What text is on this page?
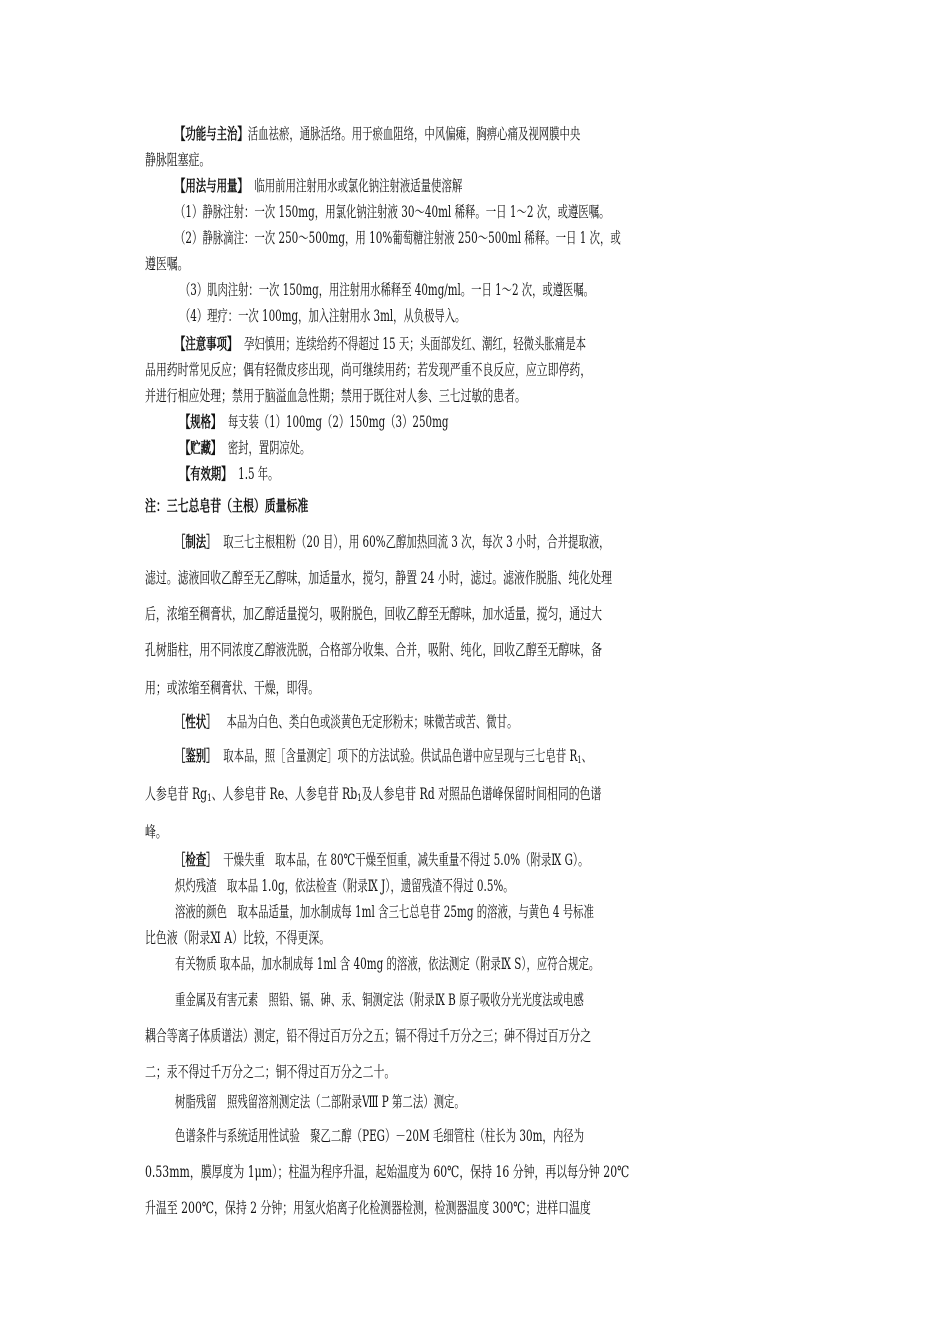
【功能与主治】活血祛瘀，通脉活络。用于瘀血阻络，中风偏瘫，胸痹心痛及视网膜中央
静脉阻塞症。
【用法与用量】 临用前用注射用水或氯化钠注射液适量使溶解
（1）静脉注射：一次 150mg，用氯化钠注射液 30～40ml 稀释。一日 1～2 次，或遵医嘱。
（2）静脉滴注：一次 250～500mg，用 10%葡萄糖注射液 250～500ml 稀释。一日 1 次，或
遵医嘱。
（3）肌肉注射：一次 150mg，用注射用水稀释至 40mg/ml。一日 1～2 次，或遵医嘱。
（4）理疗：一次 100mg，加入注射用水 3ml，从负极导入。
【注意事项】 孕妇慎用；连续给药不得超过 15 天；头面部发红、潮红，轻微头胀痛是本
品用药时常见反应；偶有轻微皮疹出现，尚可继续用药；若发现严重不良反应，应立即停药，
并进行相应处理；禁用于脑溢血急性期；禁用于既往对人参、三七过敏的患者。
【规格】 每支装（1）100mg（2）150mg（3）250mg
【贮藏】 密封，置阴凉处。
【有效期】 1.5 年。
注：三七总皂苷（主根）质量标准
［制法］ 取三七主根粗粉（20 目），用 60%乙醇加热回流 3 次，每次 3 小时，合并提取液，
滤过。滤液回收乙醇至无乙醇味，加适量水，搅匀，静置 24 小时，滤过。滤液作脱脂、纯化处理
后，浓缩至稠膏状，加乙醇适量搅匀，吸附脱色，回收乙醇至无醇味，加水适量，搅匀，通过大
孔树脂柱，用不同浓度乙醇液洗脱，合格部分收集、合并，吸附、纯化，回收乙醇至无醇味，备
用；或浓缩至稠膏状、干燥，即得。
［性状］ 本品为白色、类白色或淡黄色无定形粉末；味微苦或苦、微甘。
［鉴别］ 取本品，照［含量测定］项下的方法试验。供试品色谱中应呈现与三七皂苷 $R_1$、
人参皂苷 $Rg_1$、人参皂苷 Re、人参皂苷 $Rb_1$及人参皂苷 Rd 对照品色谱峰保留时间相同的色谱
峰。
［检查］ 干燥失重　取本品，在 80℃干燥至恒重，减失重量不得过 5.0%（附录Ⅸ G）。
炽灼残渣　取本品 1.0g，依法检查（附录Ⅸ J），遗留残渣不得过 0.5%。
溶液的颜色　取本品适量，加水制成每 1ml 含三七总皂苷 25mg 的溶液，与黄色 4 号标准
比色液（附录Ⅺ A）比较，不得更深。
有关物质 取本品，加水制成每 1ml 含 40mg 的溶液，依法测定（附录Ⅸ S），应符合规定。
重金属及有害元素　照铅、镉、砷、汞、铜测定法（附录Ⅸ B 原子吸收分光光度法或电感
耦合等离子体质谱法）测定，铅不得过百万分之五；镉不得过千万分之三；砷不得过百万分之
二；汞不得过千万分之二；铜不得过百万分之二十。
树脂残留　照残留溶剂测定法（二部附录Ⅷ P 第二法）测定。
色谱条件与系统适用性试验　聚乙二醇（PEG）－20M 毛细管柱（柱长为 30m，内径为
0.53mm，膜厚度为 1μm）；柱温为程序升温，起始温度为 60℃，保持 16 分钟，再以每分钟 20℃
升温至 200℃，保持 2 分钟；用氢火焰离子化检测器检测，检测器温度 300℃；进样口温度
